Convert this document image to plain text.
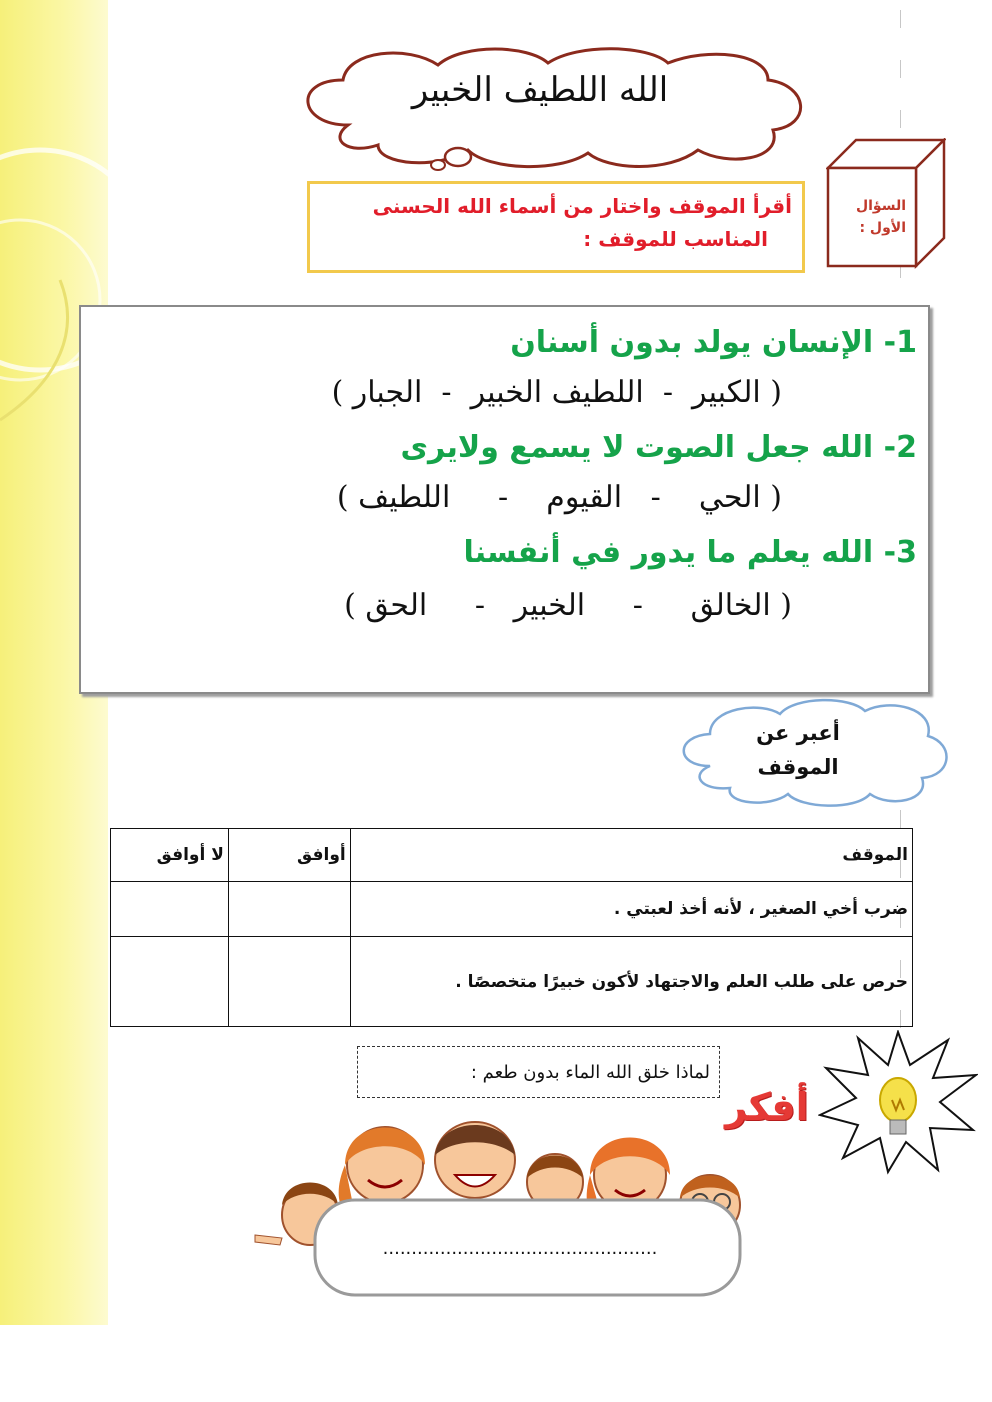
الله اللطيف الخبير
السؤال
الأول :
أقرأ الموقف واختار من أسماء الله الحسنى
المناسب للموقف :
1- الإنسان يولد بدون أسنان
( الكبير  -  اللطيف الخبير  -  الجبار )
2- الله جعل الصوت لا يسمع ولايرى
( الحي    -   القيوم    -     اللطيف )
3- الله يعلم ما يدور في أنفسنا
( الخالق     -     الخبير   -     الحق )
أعبر عن
الموقف
لا أوافق	أوافق	الموقف
		ضرب أخي الصغير ، لأنه أخذ لعبتي .
		حرص على طلب العلم والاجتهاد لأكون خبيرًا متخصصًا .
لماذا خلق الله الماء بدون طعم :
أفكر
................................................
